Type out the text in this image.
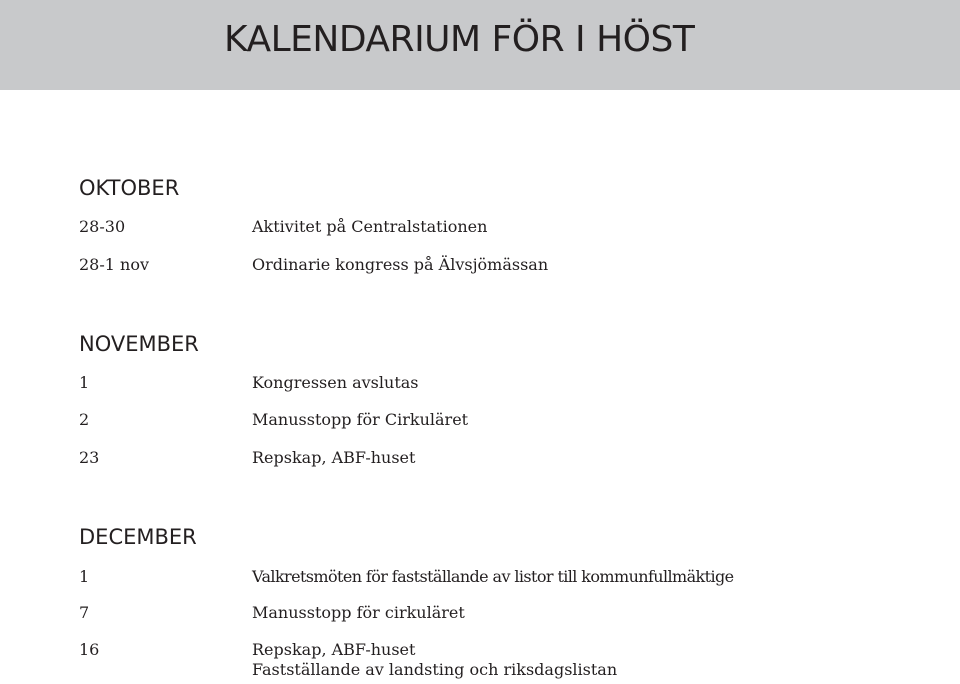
KALENDARIUM FÖR I HÖST
OKTOBER
28-30	Aktivitet på Centralstationen
28-1 nov	Ordinarie kongress på Älvsjömässan
NOVEMBER
1	Kongressen avslutas
2	Manusstopp för Cirkuläret
23	Repskap, ABF-huset
DECEMBER
1	Valkretsmöten för fastställande av listor till kommunfullmäktige
7	Manusstopp för cirkuläret
16	Repskap, ABF-huset
Fastställande av landsting och riksdagslistan
